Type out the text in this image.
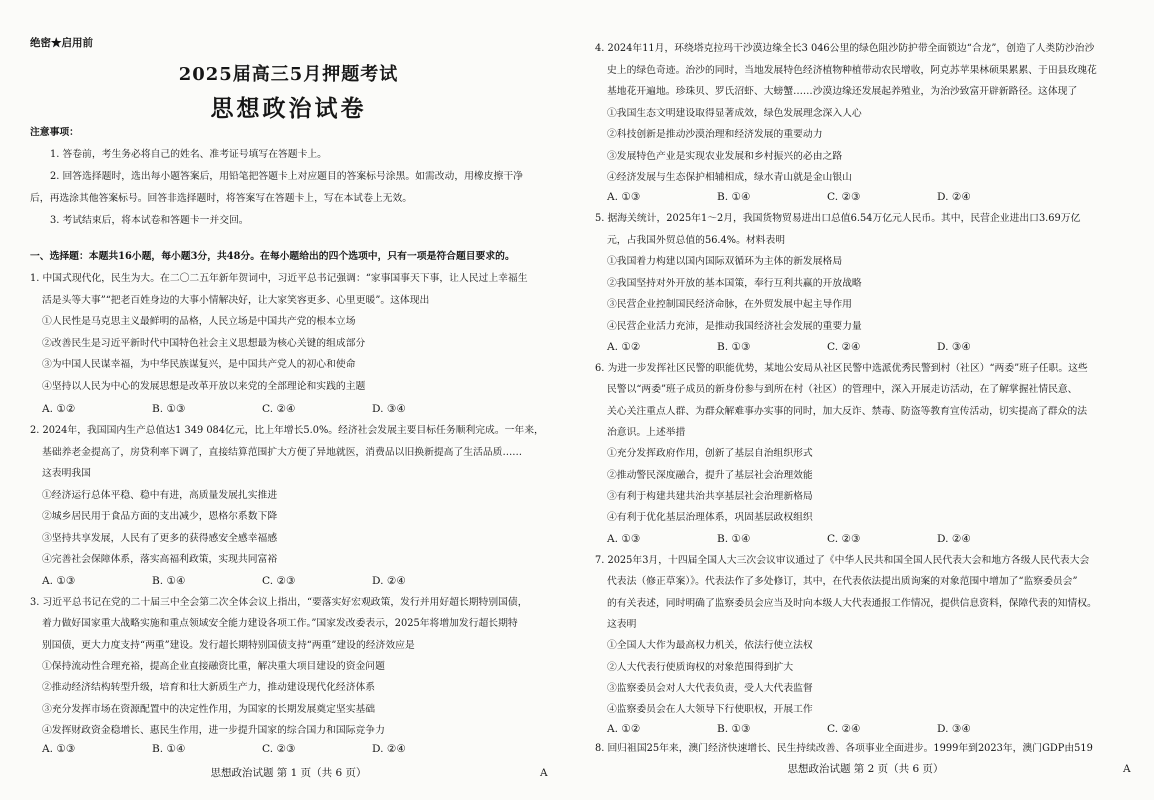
绝密★启用前
2025届高三5月押题考试
思想政治试卷
注意事项：
1. 答卷前，考生务必将自己的姓名、准考证号填写在答题卡上。
2. 回答选择题时，选出每小题答案后，用铅笔把答题卡上对应题目的答案标号涂黑。如需改动，用橡皮擦干净
后，再选涂其他答案标号。回答非选择题时，将答案写在答题卡上，写在本试卷上无效。
3. 考试结束后，将本试卷和答题卡一并交回。
一、选择题：本题共16小题，每小题3分，共48分。在每小题给出的四个选项中，只有一项是符合题目要求的。
1. 中国式现代化，民生为大。在二〇二五年新年贺词中，习近平总书记强调：“家事国事天下事，让人民过上幸福生
活是头等大事”“把老百姓身边的大事小情解决好，让大家笑容更多、心里更暖”。这体现出
①人民性是马克思主义最鲜明的品格，人民立场是中国共产党的根本立场
②改善民生是习近平新时代中国特色社会主义思想最为核心关键的组成部分
③为中国人民谋幸福，为中华民族谋复兴，是中国共产党人的初心和使命
④坚持以人民为中心的发展思想是改革开放以来党的全部理论和实践的主题
A. ①②	B. ①③	C. ②④	D. ③④
2. 2024年，我国国内生产总值达1 349 084亿元，比上年增长5.0%。经济社会发展主要目标任务顺利完成。一年来，
基础养老金提高了，房贷利率下调了，直接结算范围扩大方便了异地就医，消费品以旧换新提高了生活品质……
这表明我国
①经济运行总体平稳、稳中有进，高质量发展扎实推进
②城乡居民用于食品方面的支出减少，恩格尔系数下降
③坚持共享发展，人民有了更多的获得感安全感幸福感
④完善社会保障体系，落实高福利政策，实现共同富裕
A. ①③	B. ①④	C. ②③	D. ②④
3. 习近平总书记在党的二十届三中全会第二次全体会议上指出，“要落实好宏观政策，发行并用好超长期特别国债，
着力做好国家重大战略实施和重点领域安全能力建设各项工作。”国家发改委表示，2025年将增加发行超长期特
别国债，更大力度支持“两重”建设。发行超长期特别国债支持“两重”建设的经济效应是
①保持流动性合理充裕，提高企业直接融资比重，解决重大项目建设的资金问题
②推动经济结构转型升级，培育和壮大新质生产力，推动建设现代化经济体系
③充分发挥市场在资源配置中的决定性作用，为国家的长期发展奠定坚实基础
④发挥财政资金稳增长、惠民生作用，进一步提升国家的综合国力和国际竞争力
A. ①③	B. ①④	C. ②③	D. ②④
思想政治试题 第 1 页（共 6 页）	A
4. 2024年11月，环绕塔克拉玛干沙漠边缘全长3 046公里的绿色阻沙防护带全面锁边“合龙”，创造了人类防沙治沙
史上的绿色奇迹。治沙的同时，当地发展特色经济植物种植带动农民增收，阿克苏苹果林硕果累累、于田县玫瑰花
基地花开遍地。珍珠贝、罗氏沼虾、大螃蟹……沙漠边缘还发展起养殖业，为治沙致富开辟新路径。这体现了
①我国生态文明建设取得显著成效，绿色发展理念深入人心
②科技创新是推动沙漠治理和经济发展的重要动力
③发展特色产业是实现农业发展和乡村振兴的必由之路
④经济发展与生态保护相辅相成，绿水青山就是金山银山
A. ①③	B. ①④	C. ②③	D. ②④
5. 据海关统计，2025年1～2月，我国货物贸易进出口总值6.54万亿元人民币。其中，民营企业进出口3.69万亿
元，占我国外贸总值的56.4%。材料表明
①我国着力构建以国内国际双循环为主体的新发展格局
②我国坚持对外开放的基本国策，奉行互利共赢的开放战略
③民营企业控制国民经济命脉，在外贸发展中起主导作用
④民营企业活力充沛，是推动我国经济社会发展的重要力量
A. ①②	B. ①③	C. ②④	D. ③④
6. 为进一步发挥社区民警的职能优势，某地公安局从社区民警中选派优秀民警到村（社区）“两委”班子任职。这些
民警以“两委”班子成员的新身份参与到所在村（社区）的管理中，深入开展走访活动，在了解掌握社情民意、
关心关注重点人群、为群众解难事办实事的同时，加大反诈、禁毒、防盗等教育宣传活动，切实提高了群众的法
治意识。上述举措
①充分发挥政府作用，创新了基层自治组织形式
②推动警民深度融合，提升了基层社会治理效能
③有利于构建共建共治共享基层社会治理新格局
④有利于优化基层治理体系，巩固基层政权组织
A. ①③	B. ①④	C. ②③	D. ②④
7. 2025年3月，十四届全国人大三次会议审议通过了《中华人民共和国全国人民代表大会和地方各级人民代表大会
代表法（修正草案）》。代表法作了多处修订，其中，在代表依法提出质询案的对象范围中增加了“监察委员会”
的有关表述，同时明确了监察委员会应当及时向本级人大代表通报工作情况，提供信息资料，保障代表的知情权。
这表明
①全国人大作为最高权力机关，依法行使立法权
②人大代表行使质询权的对象范围得到扩大
③监察委员会对人大代表负责，受人大代表监督
④监察委员会在人大领导下行使职权，开展工作
A. ①②	B. ①③	C. ②④	D. ③④
8. 回归祖国25年来，澳门经济快速增长、民生持续改善、各项事业全面进步。1999年到2023年，澳门GDP由519
思想政治试题 第 2 页（共 6 页）	A
